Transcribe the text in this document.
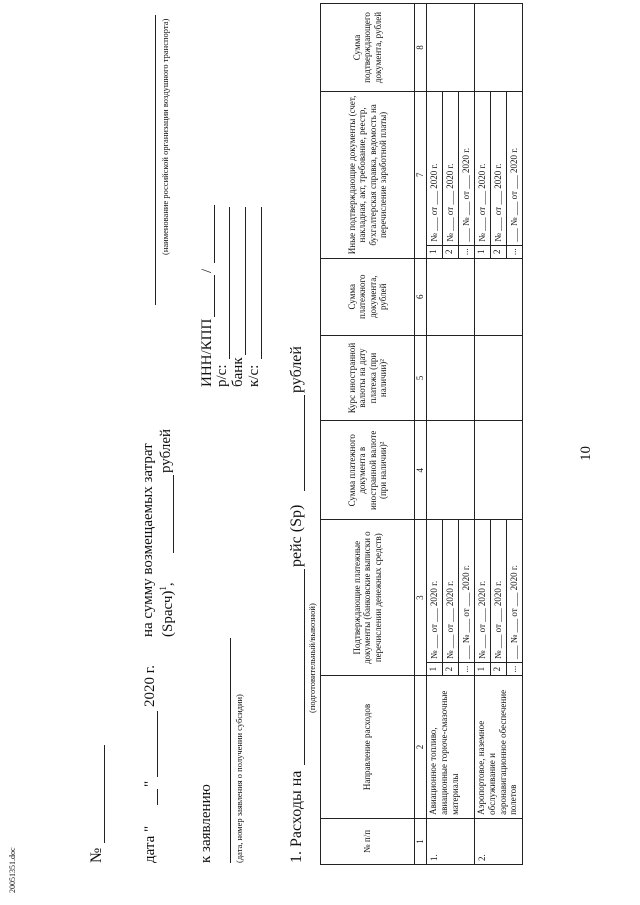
10
№ дата "
"
2020 г.
на сумму возмещаемых затрат (Spасч)$^1$,
рублей
(наименование российской организации воздушного транспорта)
к заявлению (дата, номер заявления о получении субсидии)
ИНН/КПП
/
р/с: банк к/с:
1. Расходы на
(подготовительный/вывозной)
рейс (Sр)
рублей
№ п/п	Направление расходов	Подтверждающие платежные документы (банковские выписки о перечислении денежных средств)		Сумма платежного документа в иностранной валюте (при наличии)²	Курс иностранной валюты на дату платежа (при наличии)²	Сумма платежного документа, рублей	Иные подтверждающие документы (счет, накладная, акт, требование, реестр, бухгалтерская справка, ведомость на перечисление заработной платы)		Сумма подтверждающего документа, рублей
1	2	3		4	5	6	7		8
1.	Авиационное топливо, авиационные горюче-смазочные материалы	1	№ ___ от ___ 2020 г.				1	№ ___ от ___ 2020 г.	
		2	№ ___ от ___ 2020 г.				2	№ ___ от ___ 2020 г.	
		...	___ № ___ от ___ 2020 г.				...	___ № ___ от ___ 2020 г.	
2.	Аэропортовое, наземное обслуживание и аэронавигационное обеспечение полетов	1	№ ___ от ___ 2020 г.				1	№ ___ от ___ 2020 г.	
		2	№ ___ от ___ 2020 г.				2	№ ___ от ___ 2020 г.	
		...	___ № ___ от ___ 2020 г.				...	___ № ___ от ___ 2020 г.	
20051351.doc
